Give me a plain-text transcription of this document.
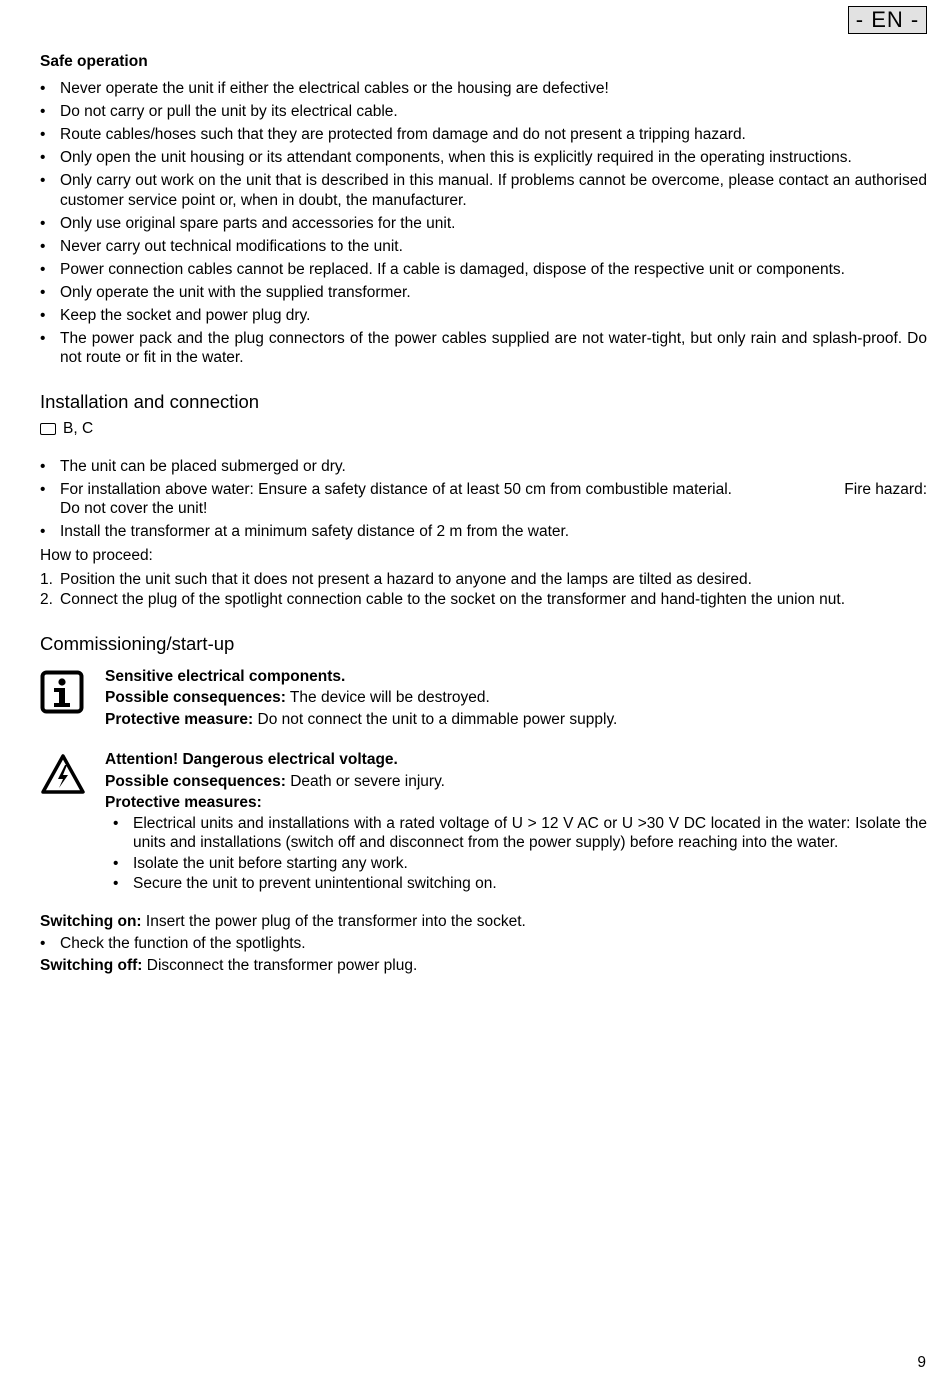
- EN -
Safe operation
• Never operate the unit if either the electrical cables or the housing are defective!
• Do not carry or pull the unit by its electrical cable.
• Route cables/hoses such that they are protected from damage and do not present a tripping hazard.
• Only open the unit housing or its attendant components, when this is explicitly required in the operating instructions.
• Only carry out work on the unit that is described in this manual. If problems cannot be overcome, please contact an authorised customer service point or, when in doubt, the manufacturer.
• Only use original spare parts and accessories for the unit.
• Never carry out technical modifications to the unit.
• Power connection cables cannot be replaced. If a cable is damaged, dispose of the respective unit or components.
• Only operate the unit with the supplied transformer.
• Keep the socket and power plug dry.
• The power pack and the plug connectors of the power cables supplied are not water-tight, but only rain and splash-proof. Do not route or fit in the water.
Installation and connection
B, C
• The unit can be placed submerged or dry.
• For installation above water: Ensure a safety distance of at least 50 cm from combustible material.	Fire hazard:
Do not cover the unit!
• Install the transformer at a minimum safety distance of 2 m from the water.
How to proceed:
1. Position the unit such that it does not present a hazard to anyone and the lamps are tilted as desired.
2. Connect the plug of the spotlight connection cable to the socket on the transformer and hand-tighten the union nut.
Commissioning/start-up
Sensitive electrical components.
Possible consequences: The device will be destroyed.
Protective measure: Do not connect the unit to a dimmable power supply.
Attention! Dangerous electrical voltage.
Possible consequences: Death or severe injury.
Protective measures:
• Electrical units and installations with a rated voltage of U > 12 V AC or U >30 V DC located in the water: Isolate the units and installations (switch off and disconnect from the power supply) before reaching into the water.
• Isolate the unit before starting any work.
• Secure the unit to prevent unintentional switching on.
Switching on: Insert the power plug of the transformer into the socket.
• Check the function of the spotlights.
Switching off: Disconnect the transformer power plug.
9
